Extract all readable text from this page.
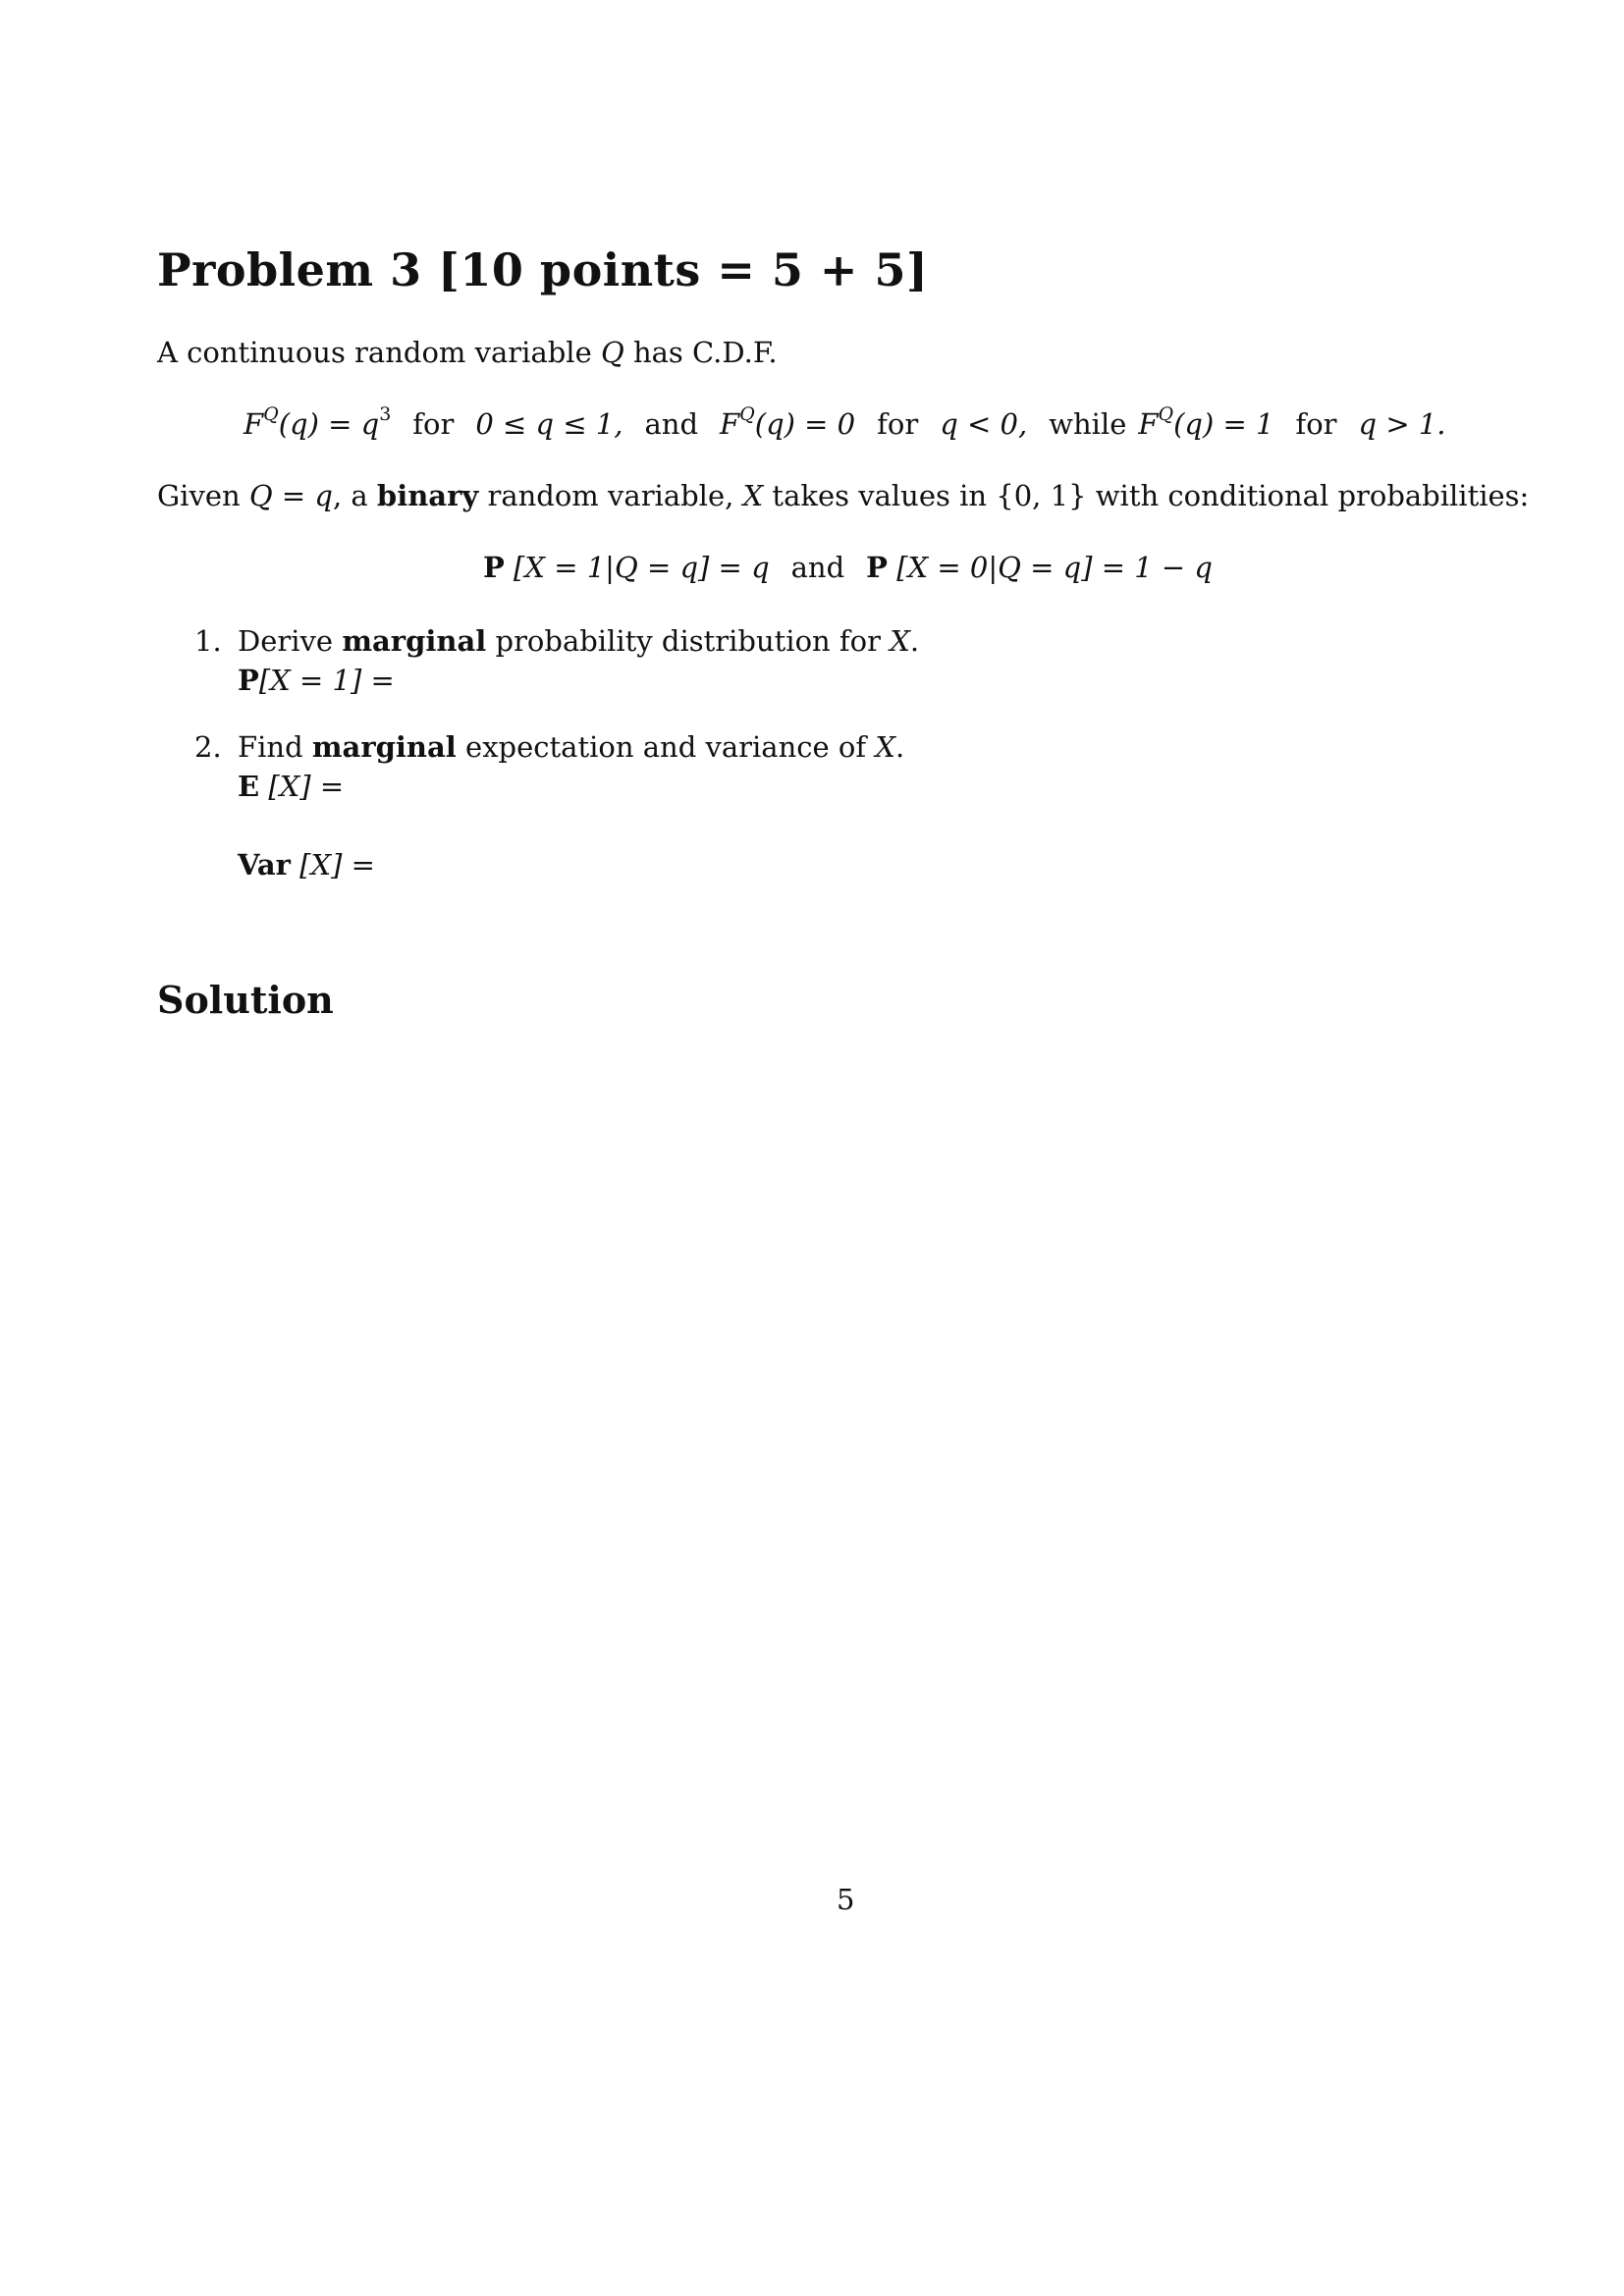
Problem 3 [10 points = 5 + 5]
A continuous random variable Q has C.D.F.
$F^Q(q) = q^3$ for 0 ≤ q ≤ 1, and $F^Q(q) = 0$ for q < 0, while $F^Q(q) = 1$ for q > 1.
Given Q = q, a binary random variable, X takes values in {0, 1} with conditional probabilities:
P [X = 1|Q = q] = q and P [X = 0|Q = q] = 1 − q
1. Derive marginal probability distribution for X.
P[X = 1] =
2. Find marginal expectation and variance of X.
E [X] =
Var [X] =
Solution
5
